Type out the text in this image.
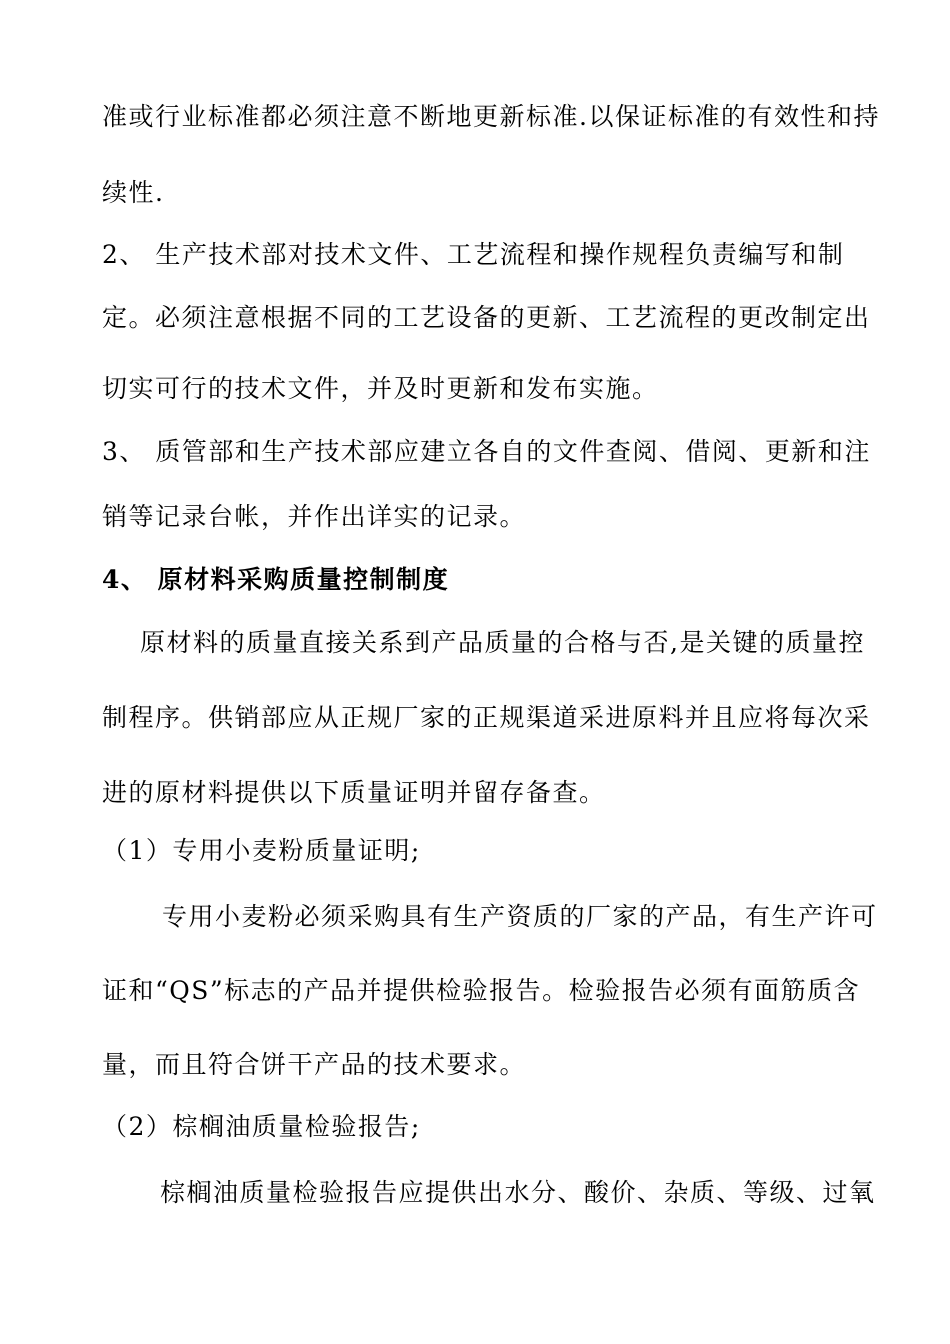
准或行业标准都必须注意不断地更新标准.以保证标准的有效性和持
续性.
2、 生产技术部对技术文件、工艺流程和操作规程负责编写和制
定。必须注意根据不同的工艺设备的更新、工艺流程的更改制定出
切实可行的技术文件，并及时更新和发布实施。
3、 质管部和生产技术部应建立各自的文件查阅、借阅、更新和注
销等记录台帐，并作出详实的记录。
4、 原材料采购质量控制制度
原材料的质量直接关系到产品质量的合格与否,是关键的质量控
制程序。供销部应从正规厂家的正规渠道采进原料并且应将每次采
进的原材料提供以下质量证明并留存备查。
（1）专用小麦粉质量证明;
专用小麦粉必须采购具有生产资质的厂家的产品，有生产许可
证和“QS”标志的产品并提供检验报告。检验报告必须有面筋质含
量，而且符合饼干产品的技术要求。
（2）棕榈油质量检验报告;
棕榈油质量检验报告应提供出水分、酸价、杂质、等级、过氧
